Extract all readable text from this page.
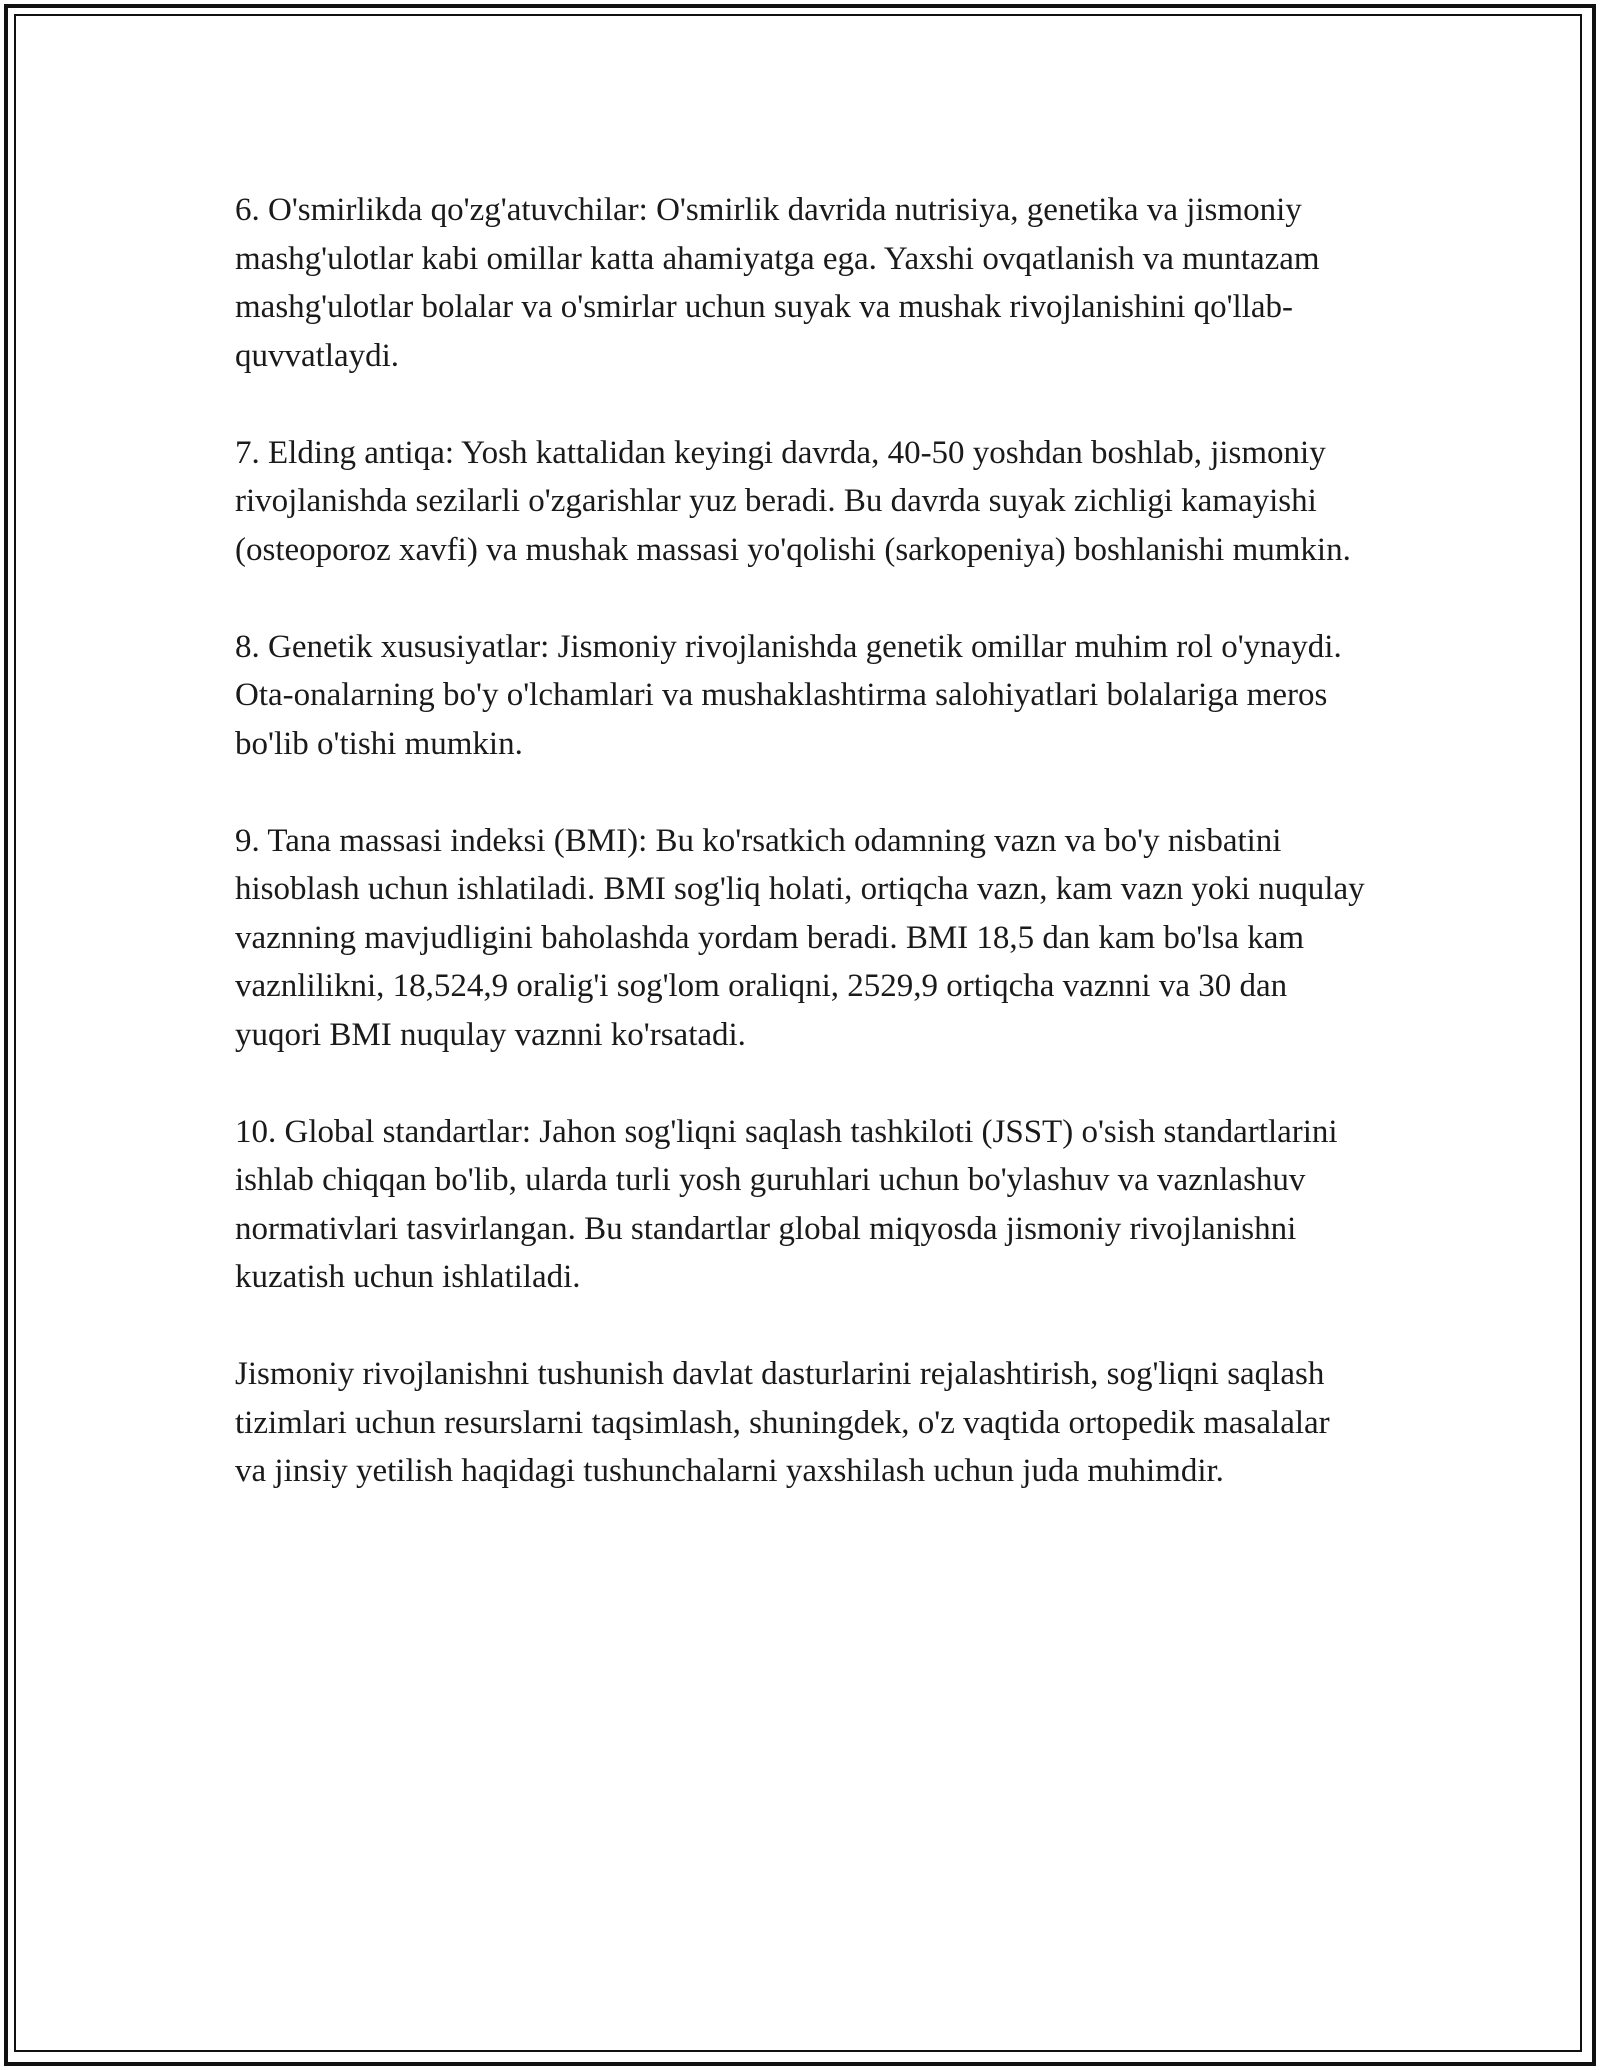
6. O'smirlikda qo'zg'atuvchilar: O'smirlik davrida nutrisiya, genetika va jismoniy mashg'ulotlar kabi omillar katta ahamiyatga ega. Yaxshi ovqatlanish va muntazam mashg'ulotlar bolalar va o'smirlar uchun suyak va mushak rivojlanishini qo'llab-quvvatlaydi.

7. Elding antiqa: Yosh kattalidan keyingi davrda, 40-50 yoshdan boshlab, jismoniy rivojlanishda sezilarli o'zgarishlar yuz beradi. Bu davrda suyak zichligi kamayishi (osteoporoz xavfi) va mushak massasi yo'qolishi (sarkopeniya) boshlanishi mumkin.

8. Genetik xususiyatlar: Jismoniy rivojlanishda genetik omillar muhim rol o'ynaydi. Ota-onalarning bo'y o'lchamlari va mushaklashtirma salohiyatlari bolalariga meros bo'lib o'tishi mumkin.

9. Tana massasi indeksi (BMI): Bu ko'rsatkich odamning vazn va bo'y nisbatini hisoblash uchun ishlatiladi. BMI sog'liq holati, ortiqcha vazn, kam vazn yoki nuqulay vaznning mavjudligini baholashda yordam beradi. BMI 18,5 dan kam bo'lsa kam vaznlilikni, 18,524,9 oralig'i sog'lom oraliqni, 2529,9 ortiqcha vaznni va 30 dan yuqori BMI nuqulay vaznni ko'rsatadi.

10. Global standartlar: Jahon sog'liqni saqlash tashkiloti (JSST) o'sish standartlarini ishlab chiqqan bo'lib, ularda turli yosh guruhlari uchun bo'ylashuv va vaznlashuv normativlari tasvirlangan. Bu standartlar global miqyosda jismoniy rivojlanishni kuzatish uchun ishlatiladi.

Jismoniy rivojlanishni tushunish davlat dasturlarini rejalashtirish, sog'liqni saqlash tizimlari uchun resurslarni taqsimlash, shuningdek, o'z vaqtida ortopedik masalalar va jinsiy yetilish haqidagi tushunchalarni yaxshilash uchun juda muhimdir.
